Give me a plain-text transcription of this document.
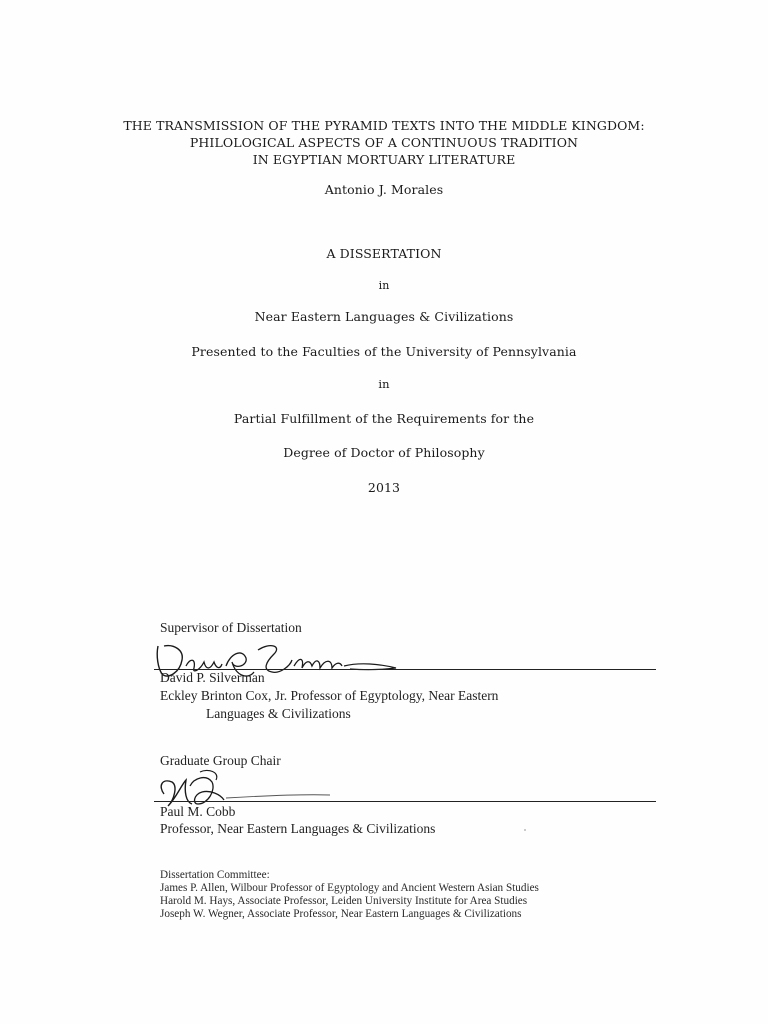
THE TRANSMISSION OF THE PYRAMID TEXTS INTO THE MIDDLE KINGDOM:
PHILOLOGICAL ASPECTS OF A CONTINUOUS TRADITION
IN EGYPTIAN MORTUARY LITERATURE
Antonio J. Morales
A DISSERTATION
in
Near Eastern Languages & Civilizations
Presented to the Faculties of the University of Pennsylvania
in
Partial Fulfillment of the Requirements for the
Degree of Doctor of Philosophy
2013
Supervisor of Dissertation
David P. Silverman
Eckley Brinton Cox, Jr. Professor of Egyptology, Near Eastern
Languages & Civilizations
Graduate Group Chair
Paul M. Cobb
Professor, Near Eastern Languages & Civilizations
Dissertation Committee:
James P. Allen, Wilbour Professor of Egyptology and Ancient Western Asian Studies
Harold M. Hays, Associate Professor, Leiden University Institute for Area Studies
Joseph W. Wegner, Associate Professor, Near Eastern Languages & Civilizations
